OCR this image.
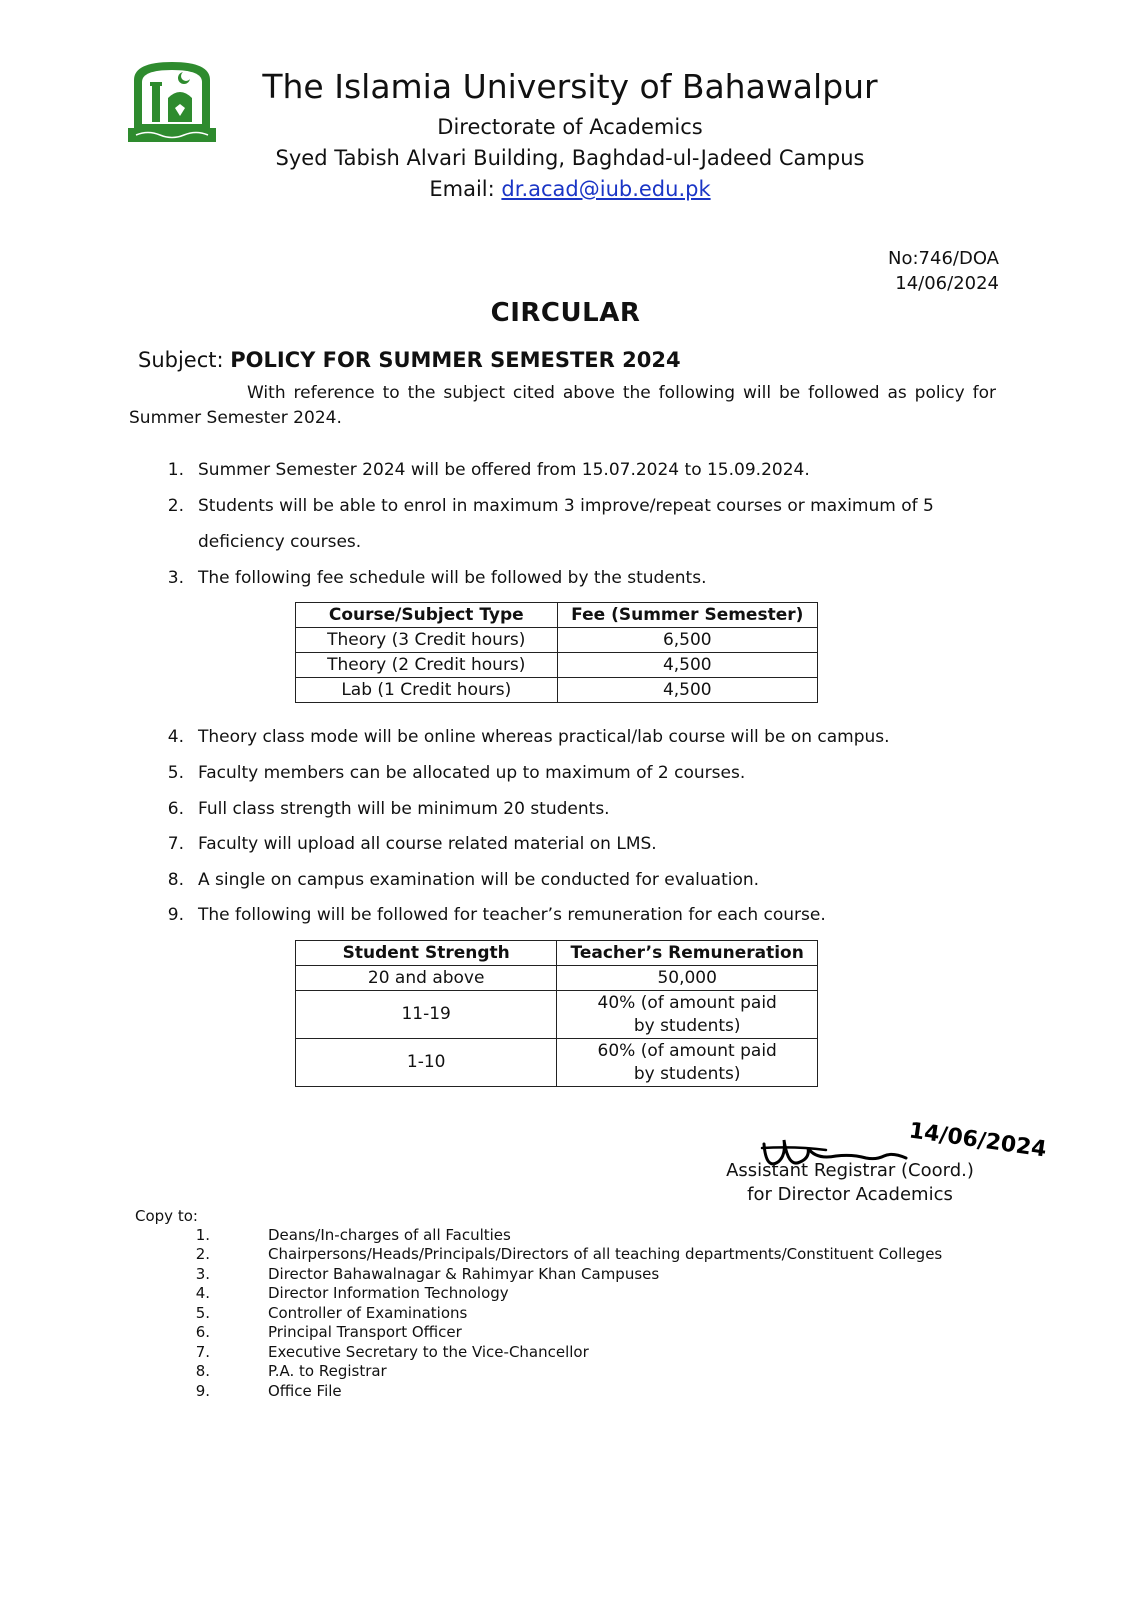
The Islamia University of Bahawalpur
Directorate of Academics
Syed Tabish Alvari Building, Baghdad-ul-Jadeed Campus
Email: dr.acad@iub.edu.pk
No:746/DOA
14/06/2024
CIRCULAR
Subject: POLICY FOR SUMMER SEMESTER 2024
With reference to the subject cited above the following will be followed as policy for Summer Semester 2024.
1. Summer Semester 2024 will be offered from 15.07.2024 to 15.09.2024.
2. Students will be able to enrol in maximum 3 improve/repeat courses or maximum of 5 deficiency courses.
3. The following fee schedule will be followed by the students.
Course/Subject Type	Fee (Summer Semester)
Theory (3 Credit hours)	6,500
Theory (2 Credit hours)	4,500
Lab (1 Credit hours)	4,500
4. Theory class mode will be online whereas practical/lab course will be on campus.
5. Faculty members can be allocated up to maximum of 2 courses.
6. Full class strength will be minimum 20 students.
7. Faculty will upload all course related material on LMS.
8. A single on campus examination will be conducted for evaluation.
9. The following will be followed for teacher’s remuneration for each course.
Student Strength	Teacher’s Remuneration
20 and above	50,000
11-19	40% (of amount paid by students)
1-10	60% (of amount paid by students)
14/06/2024
Assistant Registrar (Coord.)
for Director Academics
Copy to:
1.	Deans/In-charges of all Faculties
2.	Chairpersons/Heads/Principals/Directors of all teaching departments/Constituent Colleges
3.	Director Bahawalnagar & Rahimyar Khan Campuses
4.	Director Information Technology
5.	Controller of Examinations
6.	Principal Transport Officer
7.	Executive Secretary to the Vice-Chancellor
8.	P.A. to Registrar
9.	Office File
